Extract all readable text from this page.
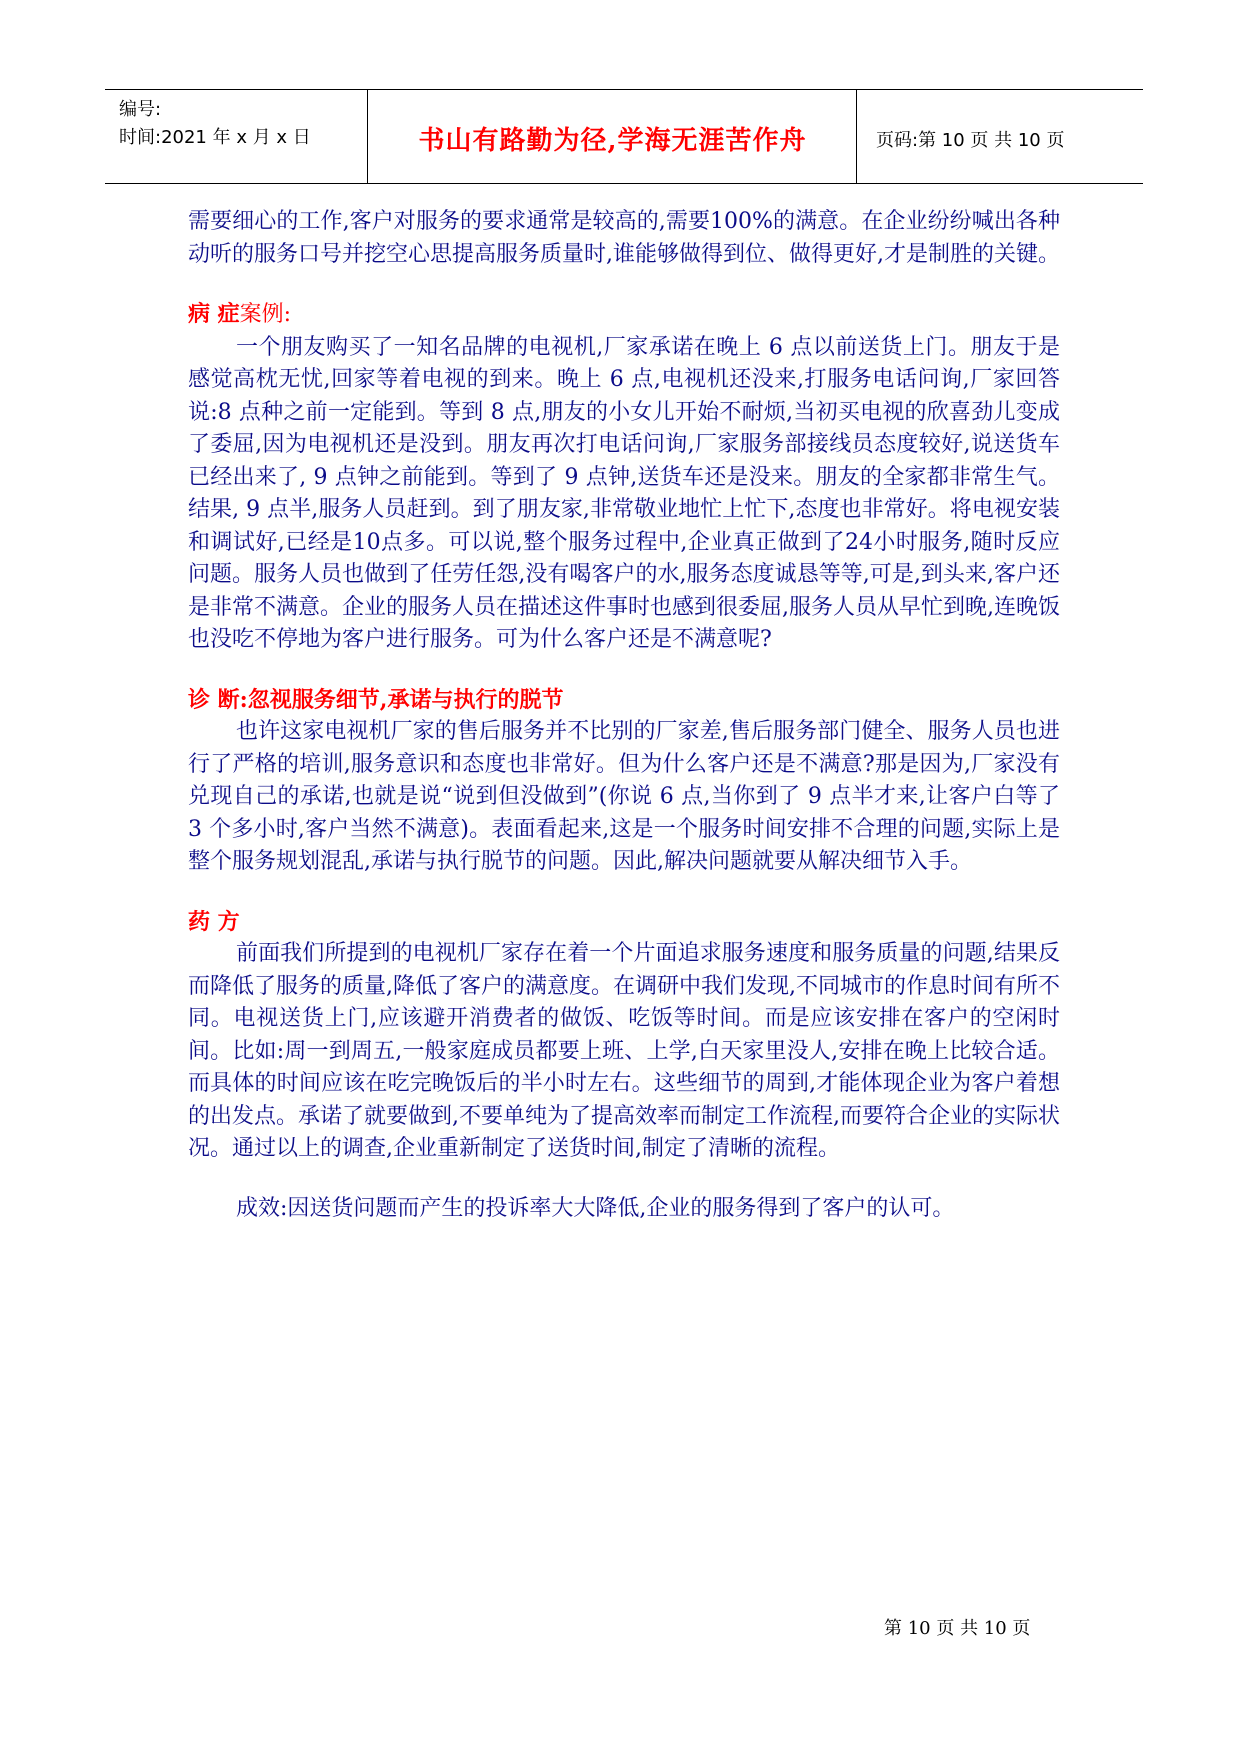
编号:
时间:2021 年 x 月 x 日	书山有路勤为径,学海无涯苦作舟	页码:第 10 页 共 10 页

需要细心的工作,客户对服务的要求通常是较高的,需要100%的满意。在企业纷纷喊出各种动听的服务口号并挖空心思提高服务质量时,谁能够做得到位、做得更好,才是制胜的关键。

病 症案例:

一个朋友购买了一知名品牌的电视机,厂家承诺在晚上 6 点以前送货上门。朋友于是感觉高枕无忧,回家等着电视的到来。晚上 6 点,电视机还没来,打服务电话问询,厂家回答说:8 点种之前一定能到。等到 8 点,朋友的小女儿开始不耐烦,当初买电视的欣喜劲儿变成了委屈,因为电视机还是没到。朋友再次打电话问询,厂家服务部接线员态度较好,说送货车已经出来了, 9 点钟之前能到。等到了 9 点钟,送货车还是没来。朋友的全家都非常生气。结果, 9 点半,服务人员赶到。到了朋友家,非常敬业地忙上忙下,态度也非常好。将电视安装和调试好,已经是10点多。可以说,整个服务过程中,企业真正做到了24小时服务,随时反应问题。服务人员也做到了任劳任怨,没有喝客户的水,服务态度诚恳等等,可是,到头来,客户还是非常不满意。企业的服务人员在描述这件事时也感到很委屈,服务人员从早忙到晚,连晚饭也没吃不停地为客户进行服务。可为什么客户还是不满意呢?

诊 断:忽视服务细节,承诺与执行的脱节

也许这家电视机厂家的售后服务并不比别的厂家差,售后服务部门健全、服务人员也进行了严格的培训,服务意识和态度也非常好。但为什么客户还是不满意?那是因为,厂家没有兑现自己的承诺,也就是说“说到但没做到”(你说 6 点,当你到了 9 点半才来,让客户白等了 3 个多小时,客户当然不满意)。表面看起来,这是一个服务时间安排不合理的问题,实际上是整个服务规划混乱,承诺与执行脱节的问题。因此,解决问题就要从解决细节入手。

药 方

前面我们所提到的电视机厂家存在着一个片面追求服务速度和服务质量的问题,结果反而降低了服务的质量,降低了客户的满意度。在调研中我们发现,不同城市的作息时间有所不同。电视送货上门,应该避开消费者的做饭、吃饭等时间。而是应该安排在客户的空闲时间。比如:周一到周五,一般家庭成员都要上班、上学,白天家里没人,安排在晚上比较合适。而具体的时间应该在吃完晚饭后的半小时左右。这些细节的周到,才能体现企业为客户着想的出发点。承诺了就要做到,不要单纯为了提高效率而制定工作流程,而要符合企业的实际状况。通过以上的调查,企业重新制定了送货时间,制定了清晰的流程。

成效:因送货问题而产生的投诉率大大降低,企业的服务得到了客户的认可。

第 10 页 共 10 页
